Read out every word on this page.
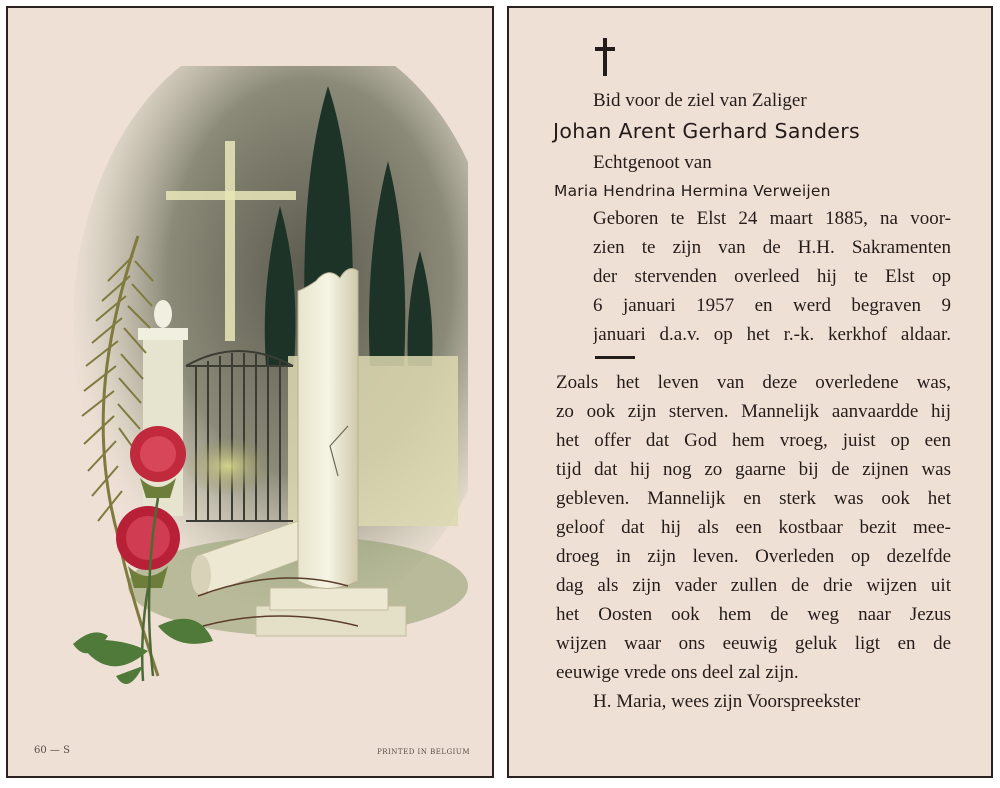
60 — S	PRINTED IN BELGIUM
Bid voor de ziel van Zaliger
Johan Arent Gerhard Sanders
Echtgenoot van
Maria Hendrina Hermina Verweijen
Geboren te Elst 24 maart 1885, na voor-
zien te zijn van de H.H. Sakramenten
der stervenden overleed hij te Elst op
6 januari 1957 en werd begraven 9
januari d.a.v. op het r.-k. kerkhof aldaar.
Zoals het leven van deze overledene was,
zo ook zijn sterven. Mannelijk aanvaardde hij
het offer dat God hem vroeg, juist op een
tijd dat hij nog zo gaarne bij de zijnen was
gebleven. Mannelijk en sterk was ook het
geloof dat hij als een kostbaar bezit mee-
droeg in zijn leven. Overleden op dezelfde
dag als zijn vader zullen de drie wijzen uit
het Oosten ook hem de weg naar Jezus
wijzen waar ons eeuwig geluk ligt en de
eeuwige vrede ons deel zal zijn.
H. Maria, wees zijn Voorspreekster
